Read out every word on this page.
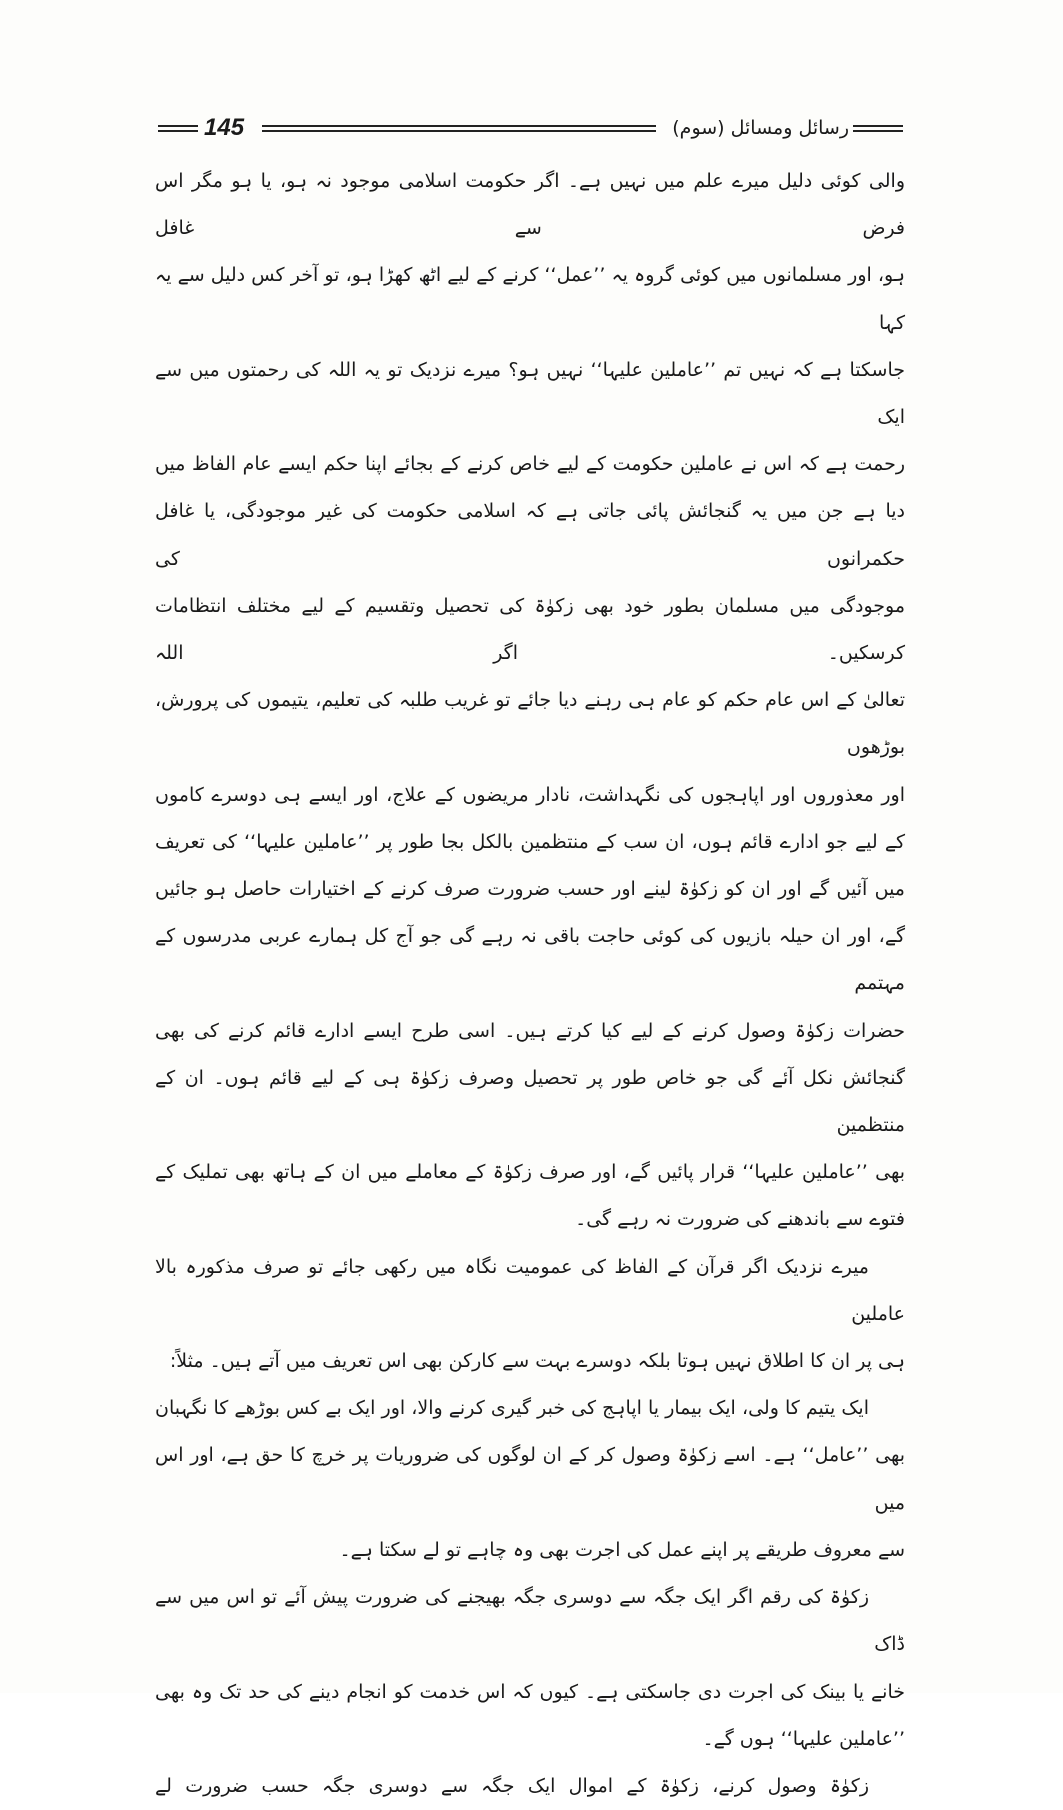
145	رسائل ومسائل (سوم)

والی کوئی دلیل میرے علم میں نہیں ہے۔ اگر حکومت اسلامی موجود نہ ہو، یا ہو مگر اس فرض سے غافل

ہو، اور مسلمانوں میں کوئی گروہ یہ ’’عمل‘‘ کرنے کے لیے اٹھ کھڑا ہو، تو آخر کس دلیل سے یہ کہا

جاسکتا ہے کہ نہیں تم ’’عاملین علیہا‘‘ نہیں ہو؟ میرے نزدیک تو یہ اللہ کی رحمتوں میں سے ایک

رحمت ہے کہ اس نے عاملین حکومت کے لیے خاص کرنے کے بجائے اپنا حکم ایسے عام الفاظ میں

دیا ہے جن میں یہ گنجائش پائی جاتی ہے کہ اسلامی حکومت کی غیر موجودگی، یا غافل حکمرانوں کی

موجودگی میں مسلمان بطور خود بھی زکوٰۃ کی تحصیل وتقسیم کے لیے مختلف انتظامات کرسکیں۔ اگر اللہ

تعالیٰ کے اس عام حکم کو عام ہی رہنے دیا جائے تو غریب طلبہ کی تعلیم، یتیموں کی پرورش، بوڑھوں

اور معذوروں اور اپاہجوں کی نگہداشت، نادار مریضوں کے علاج، اور ایسے ہی دوسرے کاموں

کے لیے جو ادارے قائم ہوں، ان سب کے منتظمین بالکل بجا طور پر ’’عاملین علیہا‘‘ کی تعریف

میں آئیں گے اور ان کو زکوٰۃ لینے اور حسب ضرورت صرف کرنے کے اختیارات حاصل ہو جائیں

گے، اور ان حیلہ بازیوں کی کوئی حاجت باقی نہ رہے گی جو آج کل ہمارے عربی مدرسوں کے مہتمم

حضرات زکوٰۃ وصول کرنے کے لیے کیا کرتے ہیں۔ اسی طرح ایسے ادارے قائم کرنے کی بھی

گنجائش نکل آئے گی جو خاص طور پر تحصیل وصرف زکوٰۃ ہی کے لیے قائم ہوں۔ ان کے منتظمین

بھی ’’عاملین علیہا‘‘ قرار پائیں گے، اور صرف زکوٰۃ کے معاملے میں ان کے ہاتھ بھی تملیک کے

فتوے سے باندھنے کی ضرورت نہ رہے گی۔

میرے نزدیک اگر قرآن کے الفاظ کی عمومیت نگاہ میں رکھی جائے تو صرف مذکورہ بالا عاملین

ہی پر ان کا اطلاق نہیں ہوتا بلکہ دوسرے بہت سے کارکن بھی اس تعریف میں آتے ہیں۔ مثلاً:

ایک یتیم کا ولی، ایک بیمار یا اپاہج کی خبر گیری کرنے والا، اور ایک بے کس بوڑھے کا نگہبان

بھی ’’عامل‘‘ ہے۔ اسے زکوٰۃ وصول کر کے ان لوگوں کی ضروریات پر خرچ کا حق ہے، اور اس میں

سے معروف طریقے پر اپنے عمل کی اجرت بھی وہ چاہے تو لے سکتا ہے۔

زکوٰۃ کی رقم اگر ایک جگہ سے دوسری جگہ بھیجنے کی ضرورت پیش آئے تو اس میں سے ڈاک

خانے یا بینک کی اجرت دی جاسکتی ہے۔ کیوں کہ اس خدمت کو انجام دینے کی حد تک وہ بھی

’’عاملین علیہا‘‘ ہوں گے۔

زکوٰۃ وصول کرنے، زکوٰۃ کے اموال ایک جگہ سے دوسری جگہ حسب ضرورت لے
